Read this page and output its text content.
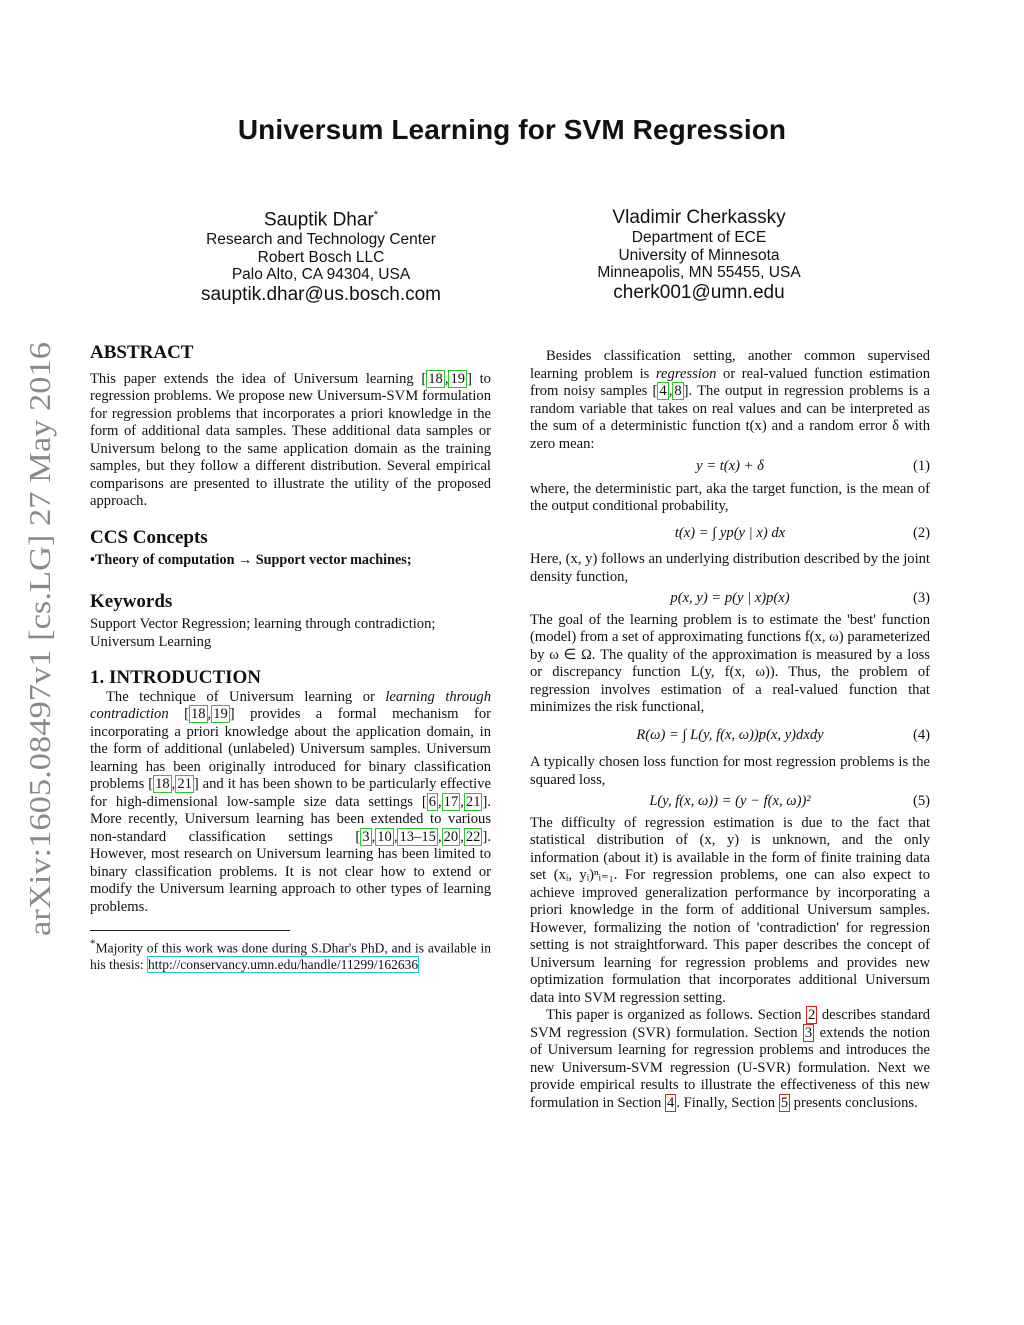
Universum Learning for SVM Regression
Sauptik Dhar*
Research and Technology Center
Robert Bosch LLC
Palo Alto, CA 94304, USA
sauptik.dhar@us.bosch.com
Vladimir Cherkassky
Department of ECE
University of Minnesota
Minneapolis, MN 55455, USA
cherk001@umn.edu
arXiv:1605.08497v1 [cs.LG] 27 May 2016
ABSTRACT

This paper extends the idea of Universum learning [ 18 , 19 ] to regression problems. We propose new Universum-SVM formulation for regression problems that incorporates a priori knowledge in the form of additional data samples. These additional data samples or Universum belong to the same application domain as the training samples, but they follow a different distribution. Several empirical comparisons are presented to illustrate the utility of the proposed approach.

CCS Concepts

•Theory of computation → Support vector machines;

Keywords

Support Vector Regression; learning through contradiction; Universum Learning

1. INTRODUCTION

The technique of Universum learning or learning through contradiction [ 18 , 19 ] provides a formal mechanism for incorporating a priori knowledge about the application domain, in the form of additional (unlabeled) Universum samples. Universum learning has been originally introduced for binary classification problems [ 18 , 21 ] and it has been shown to be particularly effective for high-dimensional low-sample size data settings [ 6 , 17 , 21 ]. More recently, Universum learning has been extended to various non-standard classification settings [ 3 , 10 , 13–15 , 20 , 22 ]. However, most research on Universum learning has been limited to binary classification problems. It is not clear how to extend or modify the Universum learning approach to other types of learning problems.

*Majority of this work was done during S.Dhar's PhD, and is available in his thesis: http://conservancy.umn.edu/handle/11299/162636

Besides classification setting, another common supervised learning problem is regression or real-valued function estimation from noisy samples [ 4 , 8 ]. The output in regression problems is a random variable that takes on real values and can be interpreted as the sum of a deterministic function t(x) and a random error δ with zero mean:

y = t(x) + δ	(1)

where, the deterministic part, aka the target function, is the mean of the output conditional probability,

t(x) = ∫ yp(y | x) dx	(2)

Here, (x, y) follows an underlying distribution described by the joint density function,

p(x, y) = p(y | x)p(x)	(3)

The goal of the learning problem is to estimate the 'best' function (model) from a set of approximating functions f(x, ω) parameterized by ω ∈ Ω. The quality of the approximation is measured by a loss or discrepancy function L(y, f(x, ω)). Thus, the problem of regression involves estimation of a real-valued function that minimizes the risk functional,

R(ω) = ∫ L(y, f(x, ω))p(x, y)dxdy	(4)

A typically chosen loss function for most regression problems is the squared loss,

L(y, f(x, ω)) = (y − f(x, ω))²	(5)

The difficulty of regression estimation is due to the fact that statistical distribution of (x, y) is unknown, and the only information (about it) is available in the form of finite training data set (xᵢ, yᵢ)ⁿᵢ₌₁. For regression problems, one can also expect to achieve improved generalization performance by incorporating a priori knowledge in the form of additional Universum samples. However, formalizing the notion of 'contradiction' for regression setting is not straightforward. This paper describes the concept of Universum learning for regression problems and provides new optimization formulation that incorporates additional Universum data into SVM regression setting.

This paper is organized as follows. Section 2 describes standard SVM regression (SVR) formulation. Section 3 extends the notion of Universum learning for regression problems and introduces the new Universum-SVM regression (U-SVR) formulation. Next we provide empirical results to illustrate the effectiveness of this new formulation in Section 4 . Finally, Section 5 presents conclusions.
